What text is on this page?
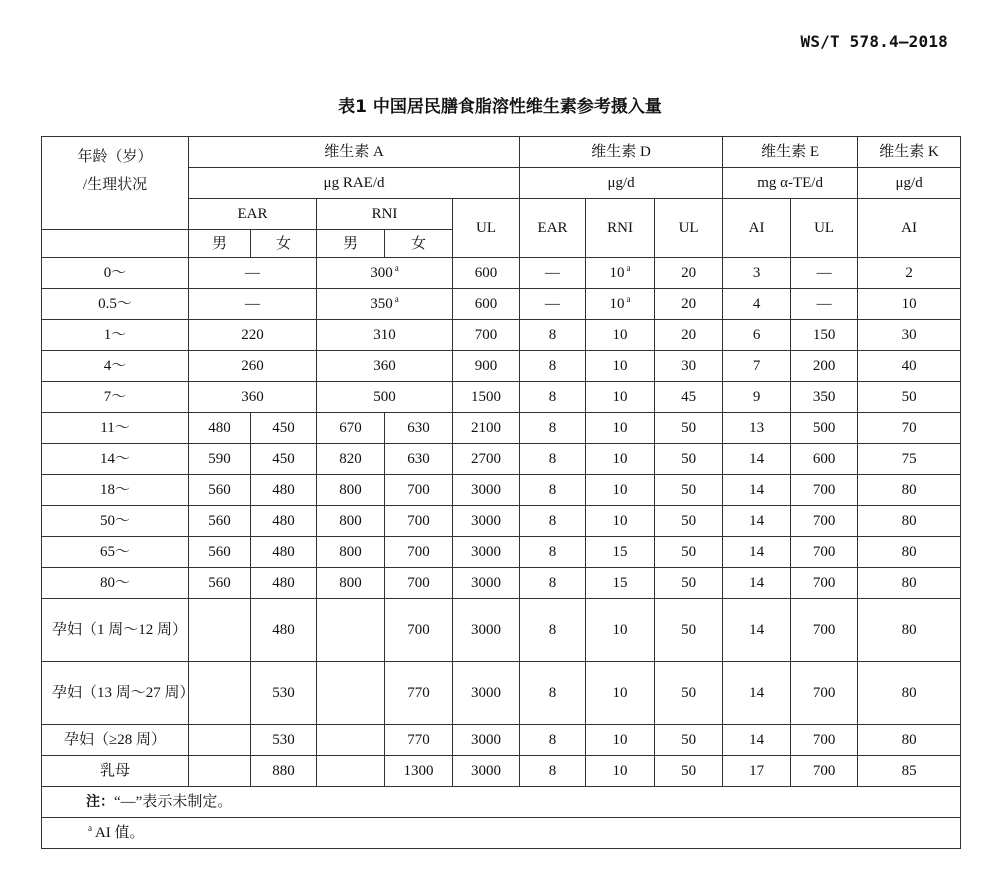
WS/T 578.4—2018
表1 中国居民膳食脂溶性维生素参考摄入量
年龄（岁）
/生理状况	维生素 A					维生素 D			维生素 E		维生素 K
	μg RAE/d					μg/d			mg α-TE/d		μg/d
	EAR		RNI		UL	EAR	RNI	UL	AI	UL	AI
	男	女	男	女							
0～	—		300 $^a$		600	—	10 $^a$	20	3	—	2
0.5～	—		350 $^a$		600	—	10 $^a$	20	4	—	10
1～	220		310		700	8	10	20	6	150	30
4～	260		360		900	8	10	30	7	200	40
7～	360		500		1500	8	10	45	9	350	50
11～	480	450	670	630	2100	8	10	50	13	500	70
14～	590	450	820	630	2700	8	10	50	14	600	75
18～	560	480	800	700	3000	8	10	50	14	700	80
50～	560	480	800	700	3000	8	10	50	14	700	80
65～	560	480	800	700	3000	8	15	50	14	700	80
80～	560	480	800	700	3000	8	15	50	14	700	80
孕妇（1 周～12 周）		480		700	3000	8	10	50	14	700	80
孕妇（13 周～27 周）		530		770	3000	8	10	50	14	700	80
孕妇（≥28 周）		530		770	3000	8	10	50	14	700	80
乳母		880		1300	3000	8	10	50	17	700	85
注：“—”表示未制定。											
$^a$ AI 值。											
